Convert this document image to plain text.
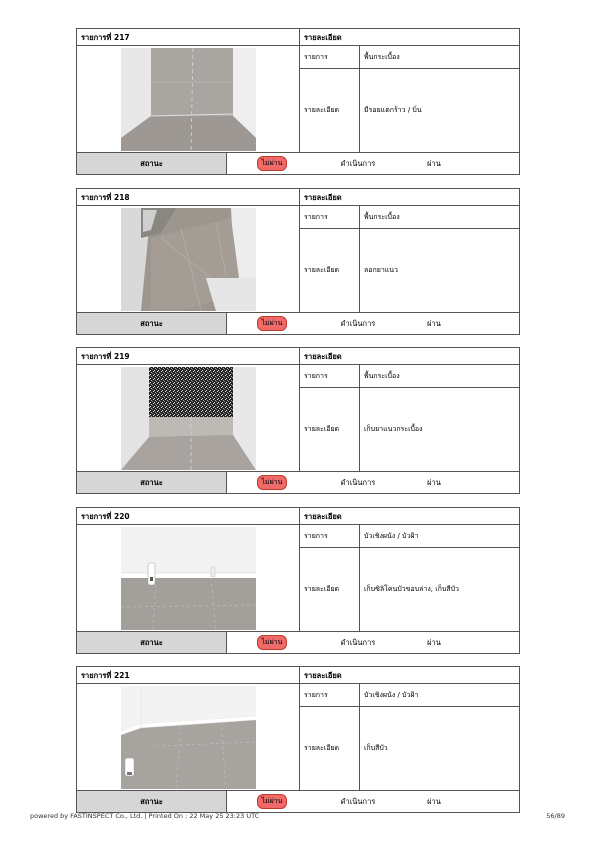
รายการที่ 217	รายละเอียด
รายการ	พื้นกระเบื้อง
รายละเอียด	มีรอยแตกร้าว / บิ่น
สถานะ	ไม่ผ่าน	ดำเนินการ	ผ่าน
รายการที่ 218	รายละเอียด
รายการ	พื้นกระเบื้อง
รายละเอียด	ลอกยาแนว
สถานะ	ไม่ผ่าน	ดำเนินการ	ผ่าน
รายการที่ 219	รายละเอียด
รายการ	พื้นกระเบื้อง
รายละเอียด	เก็บยาแนวกระเบื้อง
สถานะ	ไม่ผ่าน	ดำเนินการ	ผ่าน
รายการที่ 220	รายละเอียด
รายการ	บัวเชิงผนัง / บัวฝ้า
รายละเอียด	เก็บซิลิโคนบัวขอบล่าง, เก็บสีบัว
สถานะ	ไม่ผ่าน	ดำเนินการ	ผ่าน
รายการที่ 221	รายละเอียด
รายการ	บัวเชิงผนัง / บัวฝ้า
รายละเอียด	เก็บสีบัว
สถานะ	ไม่ผ่าน	ดำเนินการ	ผ่าน
powered by FASTINSPECT Co., Ltd. | Printed On : 22 May 25 23:23 UTC	56/89
